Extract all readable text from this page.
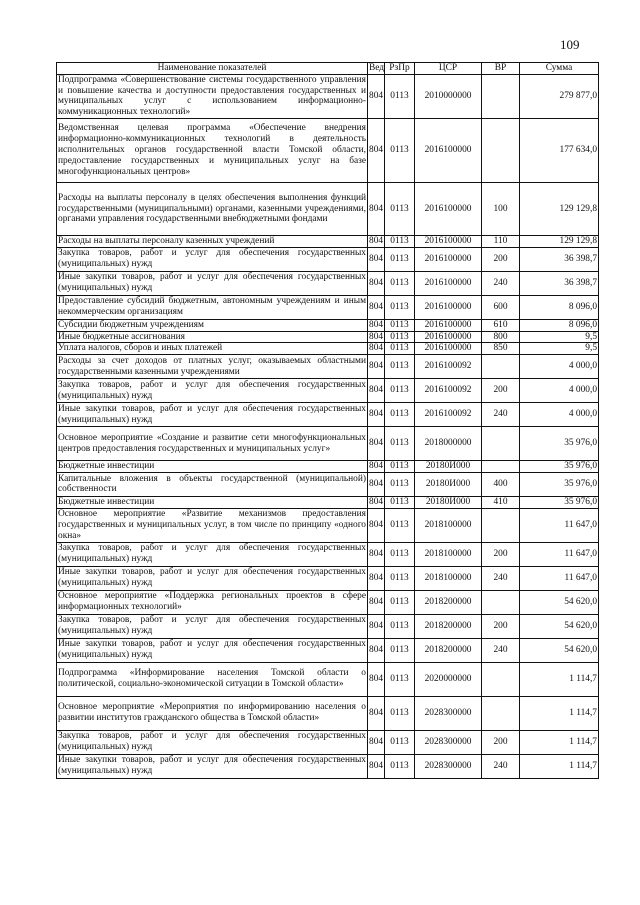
109
Наименование показателей	Вед	РзПр	ЦСР	ВР	Сумма
Подпрограмма «Совершенствование системы государственного управления и повышение качества и доступности предоставления государственных и муниципальных услуг с использованием информационно-коммуникационных технологий»	804	0113	2010000000		279 877,0
Ведомственная целевая программа «Обеспечение внедрения информационно-коммуникационных технологий в деятельность исполнительных органов государственной власти Томской области, предоставление государственных и муниципальных услуг на базе многофункциональных центров»	804	0113	2016100000		177 634,0
Расходы на выплаты персоналу в целях обеспечения выполнения функций государственными (муниципальными) органами, казенными учреждениями, органами управления государственными внебюджетными фондами	804	0113	2016100000	100	129 129,8
Расходы на выплаты персоналу казенных учреждений	804	0113	2016100000	110	129 129,8
Закупка товаров, работ и услуг для обеспечения государственных (муниципальных) нужд	804	0113	2016100000	200	36 398,7
Иные закупки товаров, работ и услуг для обеспечения государственных (муниципальных) нужд	804	0113	2016100000	240	36 398,7
Предоставление субсидий бюджетным, автономным учреждениям и иным некоммерческим организациям	804	0113	2016100000	600	8 096,0
Субсидии бюджетным учреждениям	804	0113	2016100000	610	8 096,0
Иные бюджетные ассигнования	804	0113	2016100000	800	9,5
Уплата налогов, сборов и иных платежей	804	0113	2016100000	850	9,5
Расходы за счет доходов от платных услуг, оказываемых областными государственными казенными учреждениями	804	0113	2016100092		4 000,0
Закупка товаров, работ и услуг для обеспечения государственных (муниципальных) нужд	804	0113	2016100092	200	4 000,0
Иные закупки товаров, работ и услуг для обеспечения государственных (муниципальных) нужд	804	0113	2016100092	240	4 000,0
Основное мероприятие «Создание и развитие сети многофункциональных центров предоставления государственных и муниципальных услуг»	804	0113	2018000000		35 976,0
Бюджетные инвестиции	804	0113	20180И000		35 976,0
Капитальные вложения в объекты государственной (муниципальной) собственности	804	0113	20180И000	400	35 976,0
Бюджетные инвестиции	804	0113	20180И000	410	35 976,0
Основное мероприятие «Развитие механизмов предоставления государственных и муниципальных услуг, в том числе по принципу «одного окна»	804	0113	2018100000		11 647,0
Закупка товаров, работ и услуг для обеспечения государственных (муниципальных) нужд	804	0113	2018100000	200	11 647,0
Иные закупки товаров, работ и услуг для обеспечения государственных (муниципальных) нужд	804	0113	2018100000	240	11 647,0
Основное мероприятие «Поддержка региональных проектов в сфере информационных технологий»	804	0113	2018200000		54 620,0
Закупка товаров, работ и услуг для обеспечения государственных (муниципальных) нужд	804	0113	2018200000	200	54 620,0
Иные закупки товаров, работ и услуг для обеспечения государственных (муниципальных) нужд	804	0113	2018200000	240	54 620,0
Подпрограмма «Информирование населения Томской области о политической, социально-экономической ситуации в Томской области»	804	0113	2020000000		1 114,7
Основное мероприятие «Мероприятия по информированию населения о развитии институтов гражданского общества в Томской области»	804	0113	2028300000		1 114,7
Закупка товаров, работ и услуг для обеспечения государственных (муниципальных) нужд	804	0113	2028300000	200	1 114,7
Иные закупки товаров, работ и услуг для обеспечения государственных (муниципальных) нужд	804	0113	2028300000	240	1 114,7
